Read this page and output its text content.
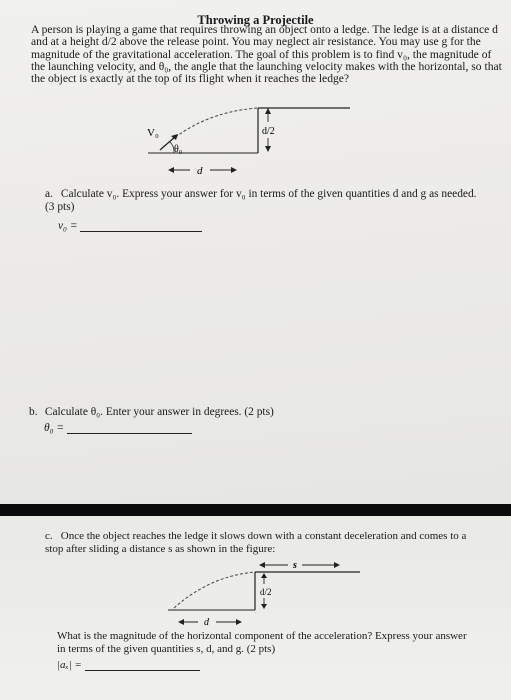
Throwing a Projectile

A person is playing a game that requires throwing an object onto a ledge. The ledge is at a distance d and at a height d/2 above the release point. You may neglect air resistance. You may use g for the magnitude of the gravitational acceleration. The goal of this problem is to find v₀, the magnitude of the launching velocity, and θ₀, the angle that the launching velocity makes with the horizontal, so that the object is exactly at the top of its flight when it reaches the ledge?

V₀
θ₀
d/2
d
a. Calculate v₀. Express your answer for v₀ in terms of the given quantities d and g as needed. (3 pts)
v₀ =
b. Calculate θ₀. Enter your answer in degrees. (2 pts)
θ₀ =
c. Once the object reaches the ledge it slows down with a constant deceleration and comes to a stop after sliding a distance s as shown in the figure:
s
d/2
d
What is the magnitude of the horizontal component of the acceleration? Express your answer in terms of the given quantities s, d, and g. (2 pts)
|aₓ| =
